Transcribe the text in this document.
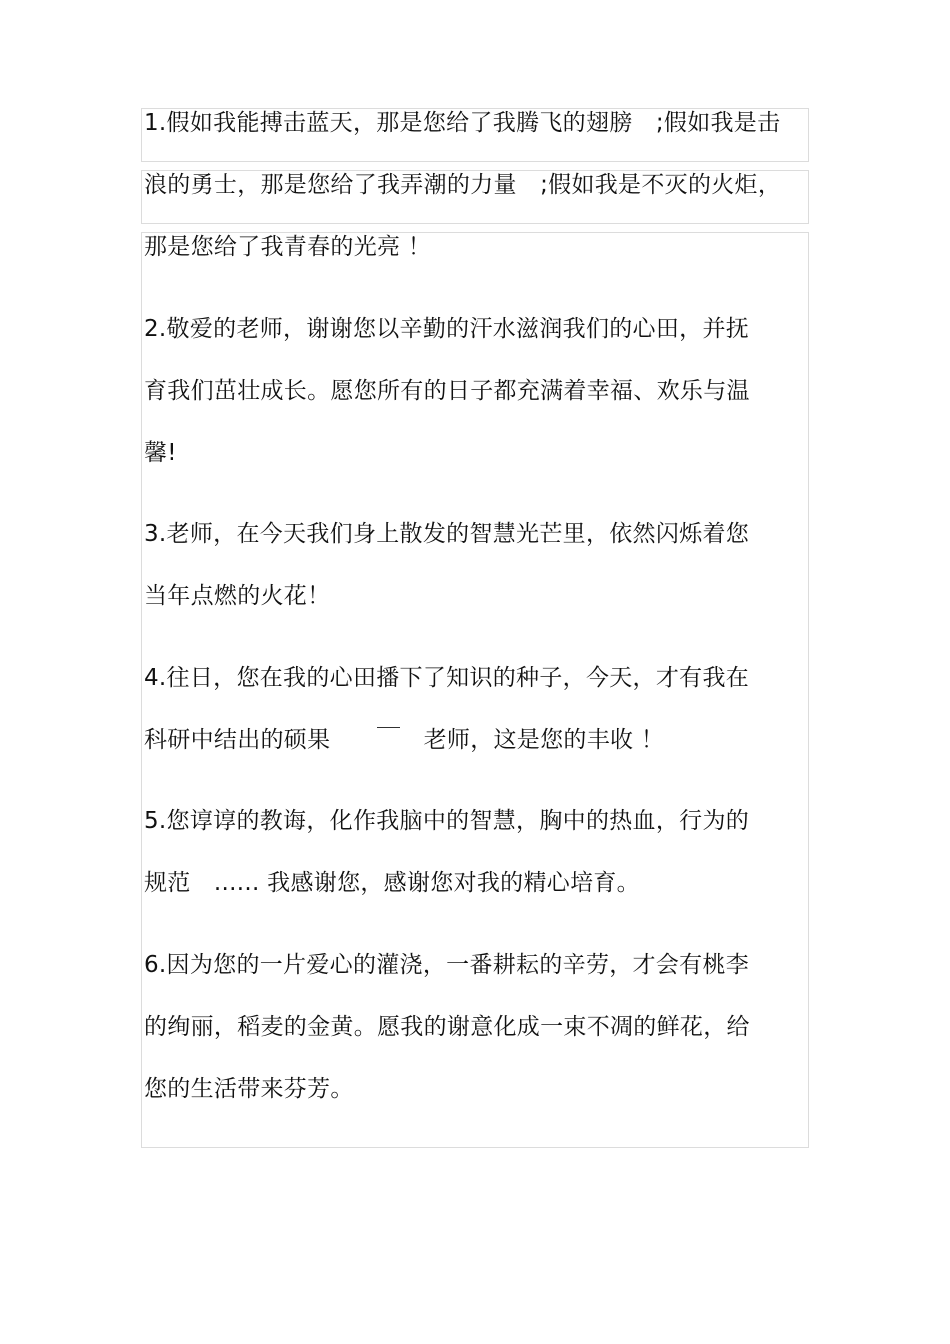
1.假如我能搏击蓝天，那是您给了我腾飞的翅膀　;假如我是击
浪的勇士，那是您给了我弄潮的力量　;假如我是不灭的火炬，
那是您给了我青春的光亮 ！
2.敬爱的老师，谢谢您以辛勤的汗水滋润我们的心田，并抚
育我们茁壮成长。愿您所有的日子都充满着幸福、欢乐与温
馨!
3.老师，在今天我们身上散发的智慧光芒里，依然闪烁着您
当年点燃的火花！
4.往日，您在我的心田播下了知识的种子，今天，才有我在
科研中结出的硕果　　￣　老师，这是您的丰收 ！
5.您谆谆的教诲，化作我脑中的智慧，胸中的热血，行为的
规范　...... 我感谢您，感谢您对我的精心培育。
6.因为您的一片爱心的灌浇，一番耕耘的辛劳，才会有桃李
的绚丽，稻麦的金黄。愿我的谢意化成一束不凋的鲜花，给
您的生活带来芬芳。
